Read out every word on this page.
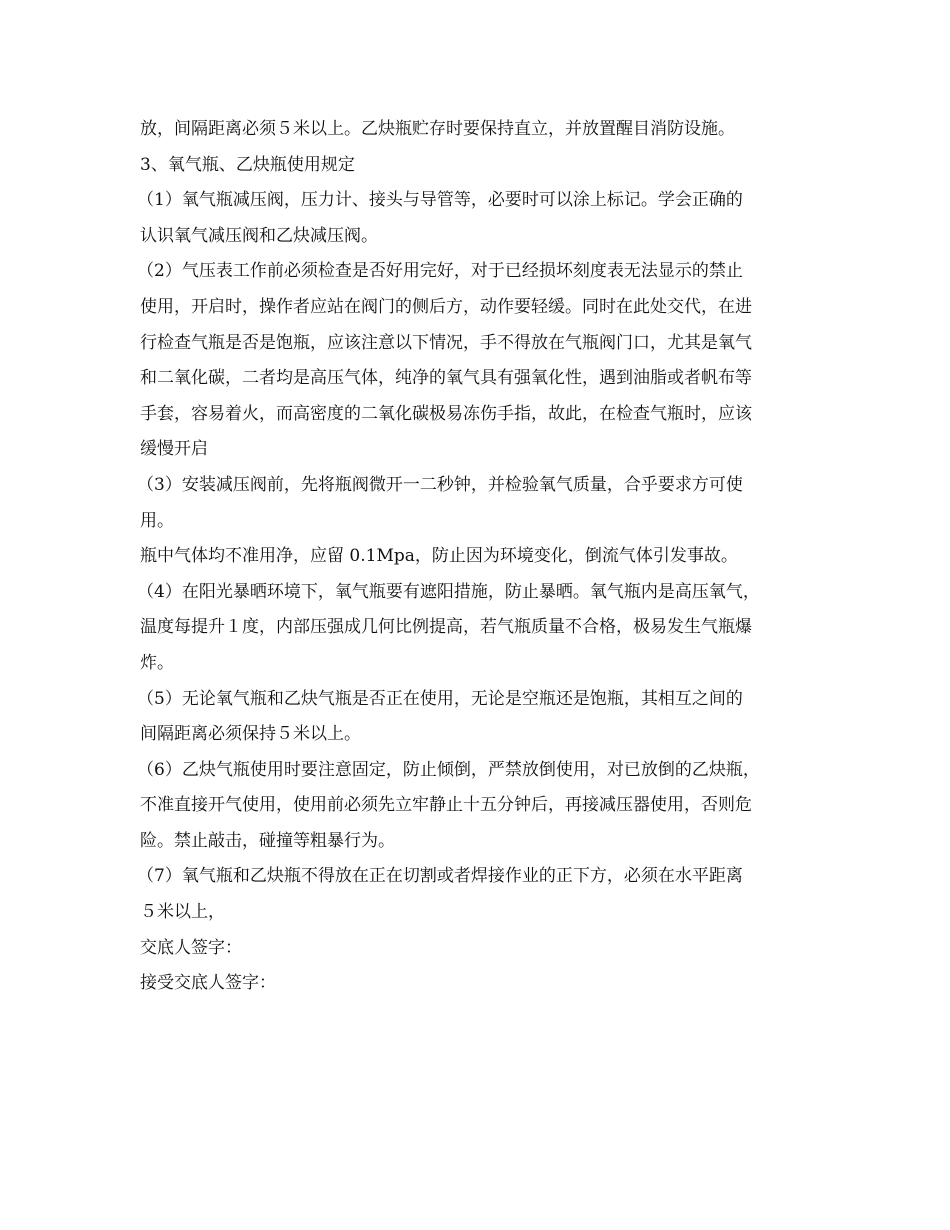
放，间隔距离必须５米以上。乙炔瓶贮存时要保持直立，并放置醒目消防设施。
3、氧气瓶、乙炔瓶使用规定
（1）氧气瓶减压阀，压力计、接头与导管等，必要时可以涂上标记。学会正确的
认识氧气减压阀和乙炔减压阀。
（2）气压表工作前必须检查是否好用完好，对于已经损坏刻度表无法显示的禁止
使用，开启时，操作者应站在阀门的侧后方，动作要轻缓。同时在此处交代，在进
行检查气瓶是否是饱瓶，应该注意以下情况，手不得放在气瓶阀门口，尤其是氧气
和二氧化碳，二者均是高压气体，纯净的氧气具有强氧化性，遇到油脂或者帆布等
手套，容易着火，而高密度的二氧化碳极易冻伤手指，故此，在检查气瓶时，应该
缓慢开启
（3）安装减压阀前，先将瓶阀微开一二秒钟，并检验氧气质量，合乎要求方可使
用。
瓶中气体均不准用净，应留 0.1Mpa，防止因为环境变化，倒流气体引发事故。
（4）在阳光暴晒环境下，氧气瓶要有遮阳措施，防止暴晒。氧气瓶内是高压氧气，
温度每提升１度，内部压强成几何比例提高，若气瓶质量不合格，极易发生气瓶爆
炸。
（5）无论氧气瓶和乙炔气瓶是否正在使用，无论是空瓶还是饱瓶，其相互之间的
间隔距离必须保持５米以上。
（6）乙炔气瓶使用时要注意固定，防止倾倒，严禁放倒使用，对已放倒的乙炔瓶，
不准直接开气使用，使用前必须先立牢静止十五分钟后，再接减压器使用，否则危
险。禁止敲击，碰撞等粗暴行为。
（7）氧气瓶和乙炔瓶不得放在正在切割或者焊接作业的正下方，必须在水平距离
５米以上，
交底人签字：
接受交底人签字：
